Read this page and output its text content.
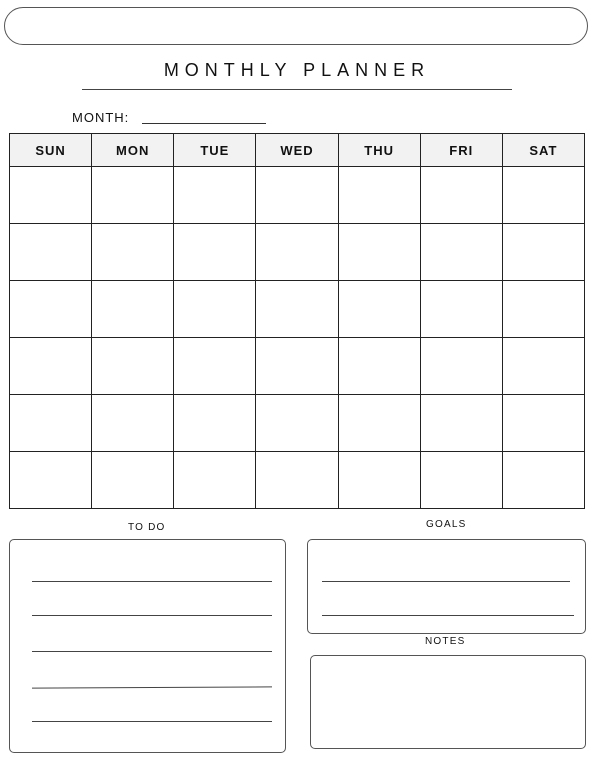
MONTHLY PLANNER
MONTH:
SUN	MON	TUE	WED	THU	FRI	SAT

TO DO	GOALS
NOTES
